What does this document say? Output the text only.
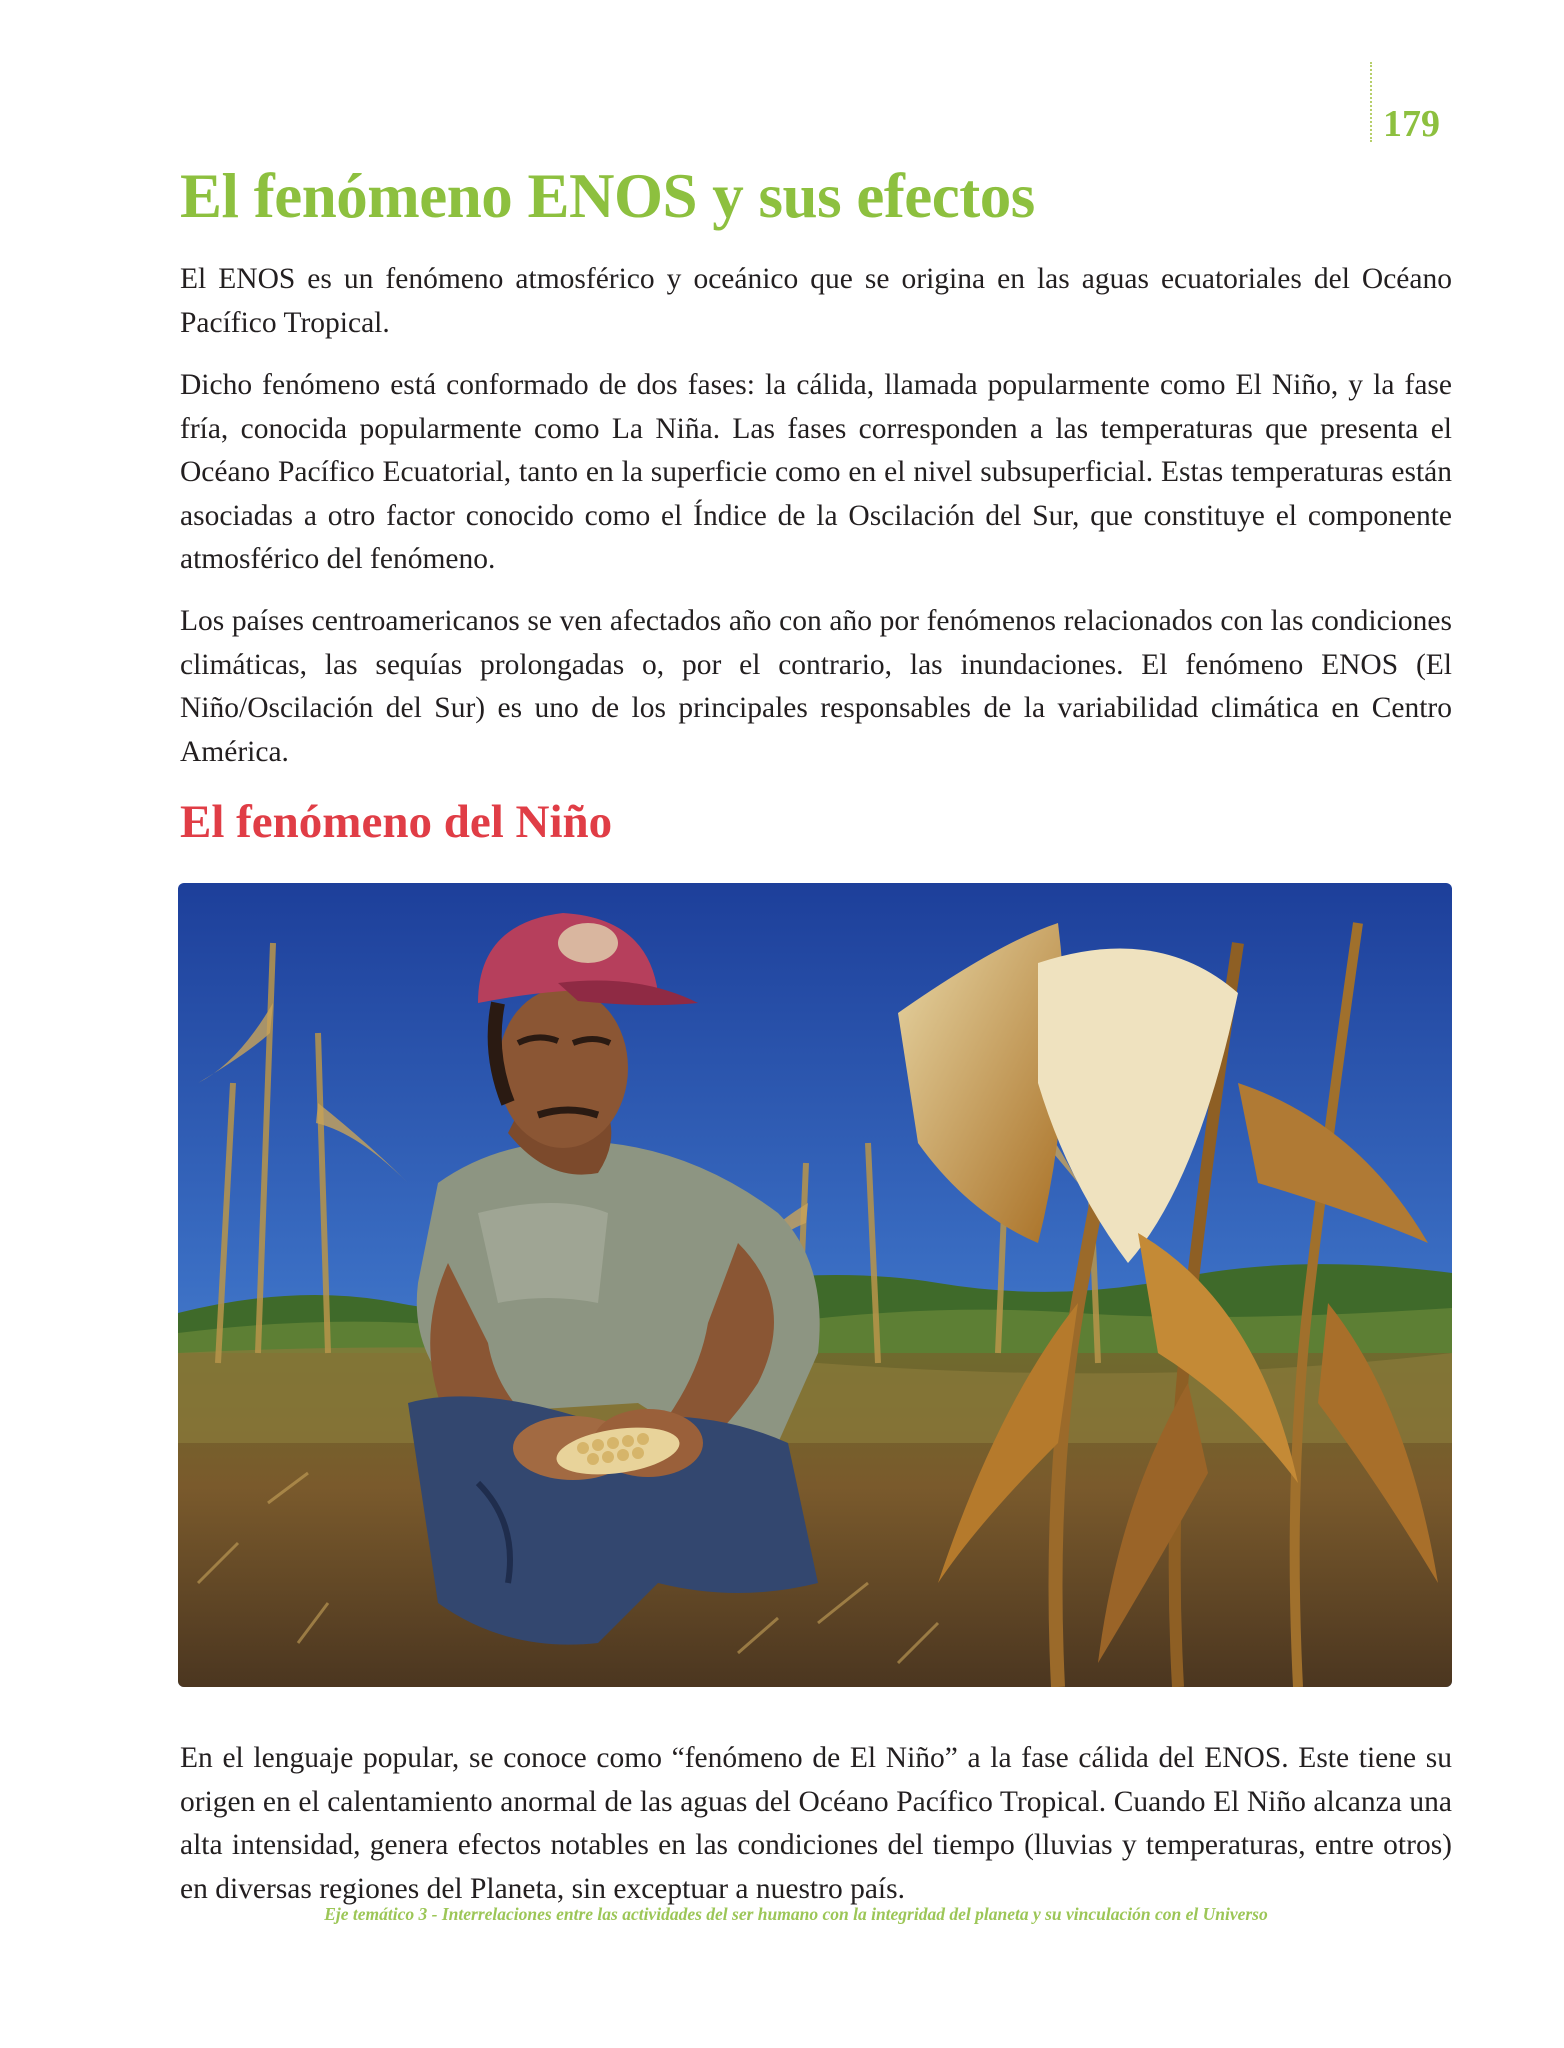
179
El fenómeno ENOS y sus efectos

El ENOS es un fenómeno atmosférico y oceánico que se origina en las aguas ecuatoriales del Océano Pacífico Tropical.

Dicho fenómeno está conformado de dos fases: la cálida, llamada popularmente como El Niño, y la fase fría, conocida popularmente como La Niña. Las fases corresponden a las temperaturas que presenta el Océano Pacífico Ecuatorial, tanto en la superficie como en el nivel subsuperficial. Estas temperaturas están asociadas a otro factor conocido como el Índice de la Oscilación del Sur, que constituye el componente atmosférico del fenómeno.

Los países centroamericanos se ven afectados año con año por fenómenos relacionados con las condiciones climáticas, las sequías prolongadas o, por el contrario, las inundaciones. El fenómeno ENOS (El Niño/Oscilación del Sur) es uno de los principales responsables de la variabilidad climática en Centro América.

El fenómeno del Niño

En el lenguaje popular, se conoce como “fenómeno de El Niño” a la fase cálida del ENOS. Este tiene su origen en el calentamiento anormal de las aguas del Océano Pacífico Tropical. Cuando El Niño alcanza una alta intensidad, genera efectos notables en las condiciones del tiempo (lluvias y temperaturas, entre otros) en diversas regiones del Planeta, sin exceptuar a nuestro país.

Eje temático 3 - Interrelaciones entre las actividades del ser humano con la integridad del planeta y su vinculación con el Universo
